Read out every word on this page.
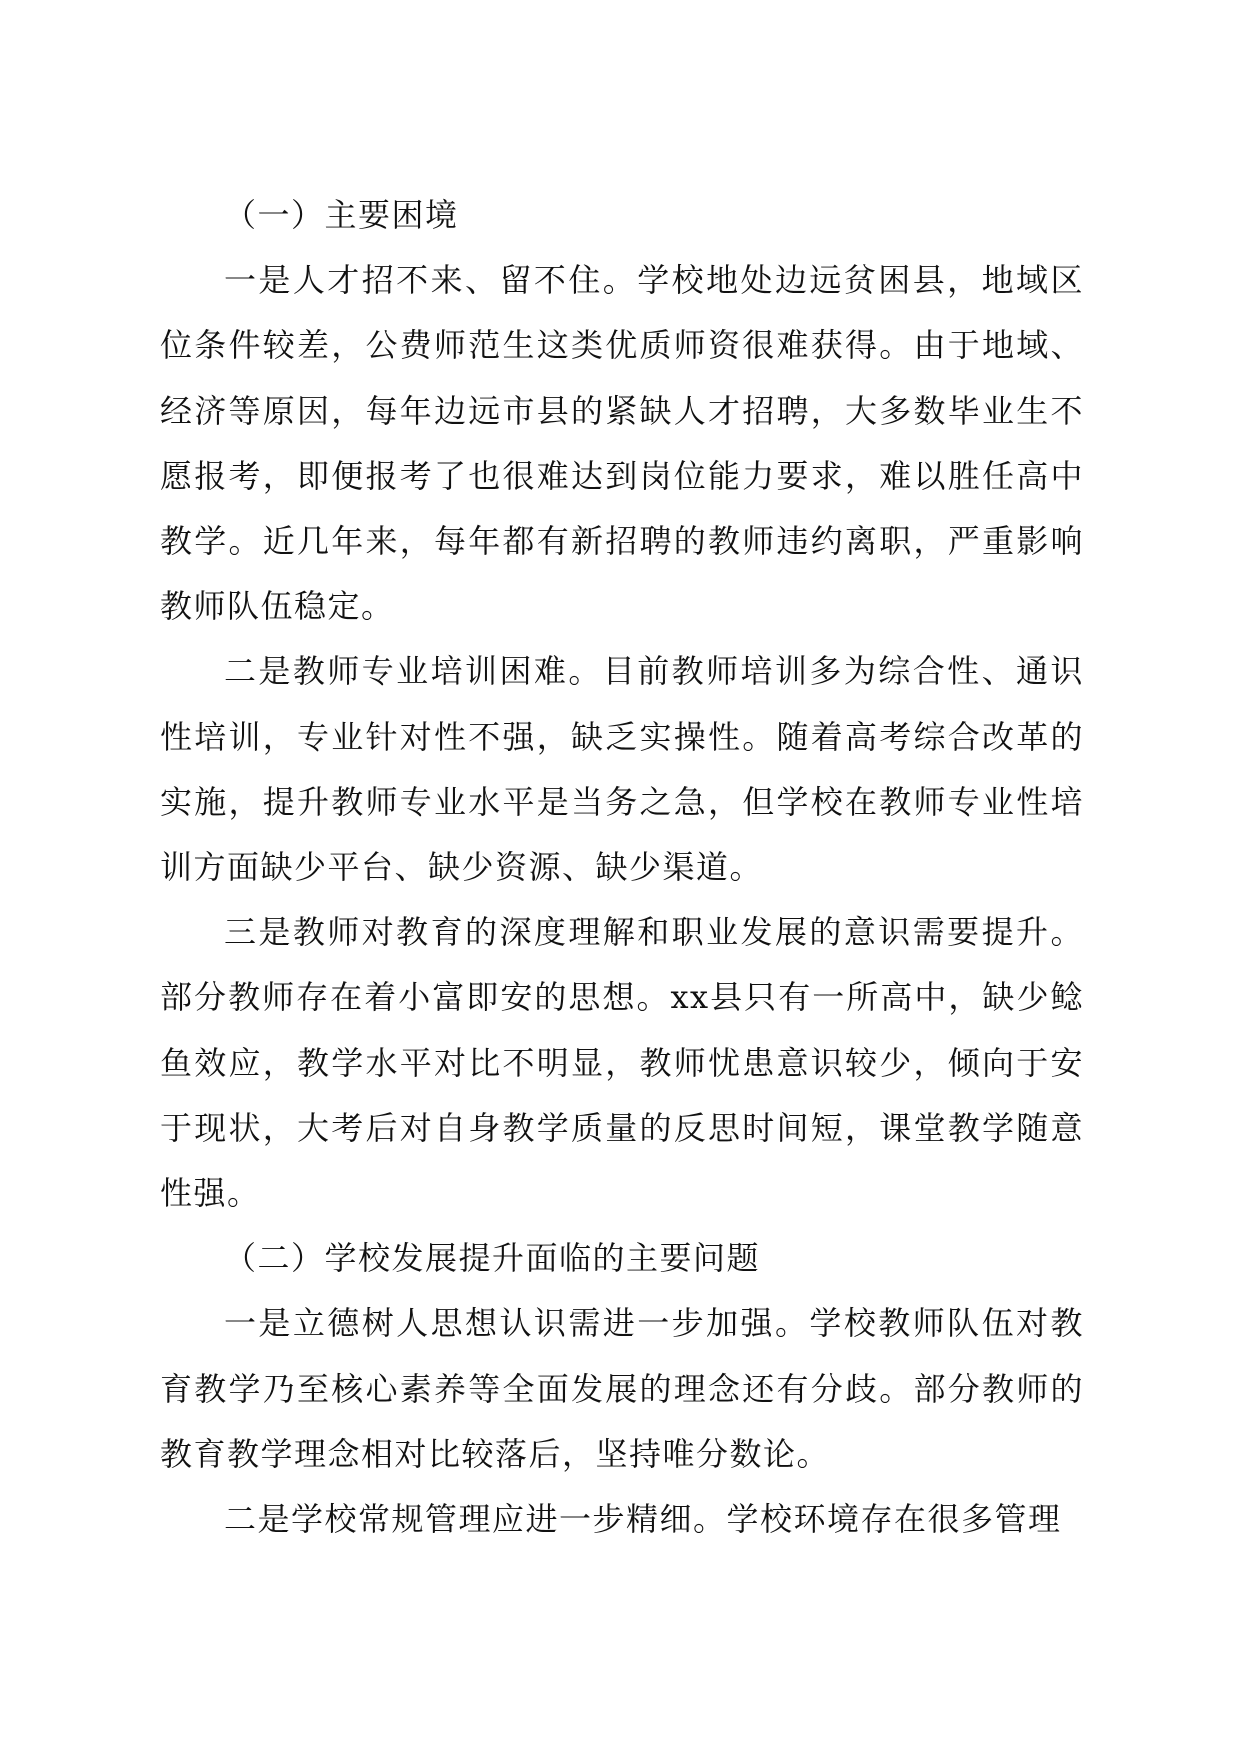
（一）主要困境

一是人才招不来、留不住。学校地处边远贫困县，地域区位条件较差，公费师范生这类优质师资很难获得。由于地域、经济等原因，每年边远市县的紧缺人才招聘，大多数毕业生不愿报考，即便报考了也很难达到岗位能力要求，难以胜任高中教学。近几年来，每年都有新招聘的教师违约离职，严重影响教师队伍稳定。

二是教师专业培训困难。目前教师培训多为综合性、通识性培训，专业针对性不强，缺乏实操性。随着高考综合改革的实施，提升教师专业水平是当务之急，但学校在教师专业性培训方面缺少平台、缺少资源、缺少渠道。

三是教师对教育的深度理解和职业发展的意识需要提升。部分教师存在着小富即安的思想。xx县只有一所高中，缺少鲶鱼效应，教学水平对比不明显，教师忧患意识较少，倾向于安于现状，大考后对自身教学质量的反思时间短，课堂教学随意性强。

（二）学校发展提升面临的主要问题

一是立德树人思想认识需进一步加强。学校教师队伍对教育教学乃至核心素养等全面发展的理念还有分歧。部分教师的教育教学理念相对比较落后，坚持唯分数论。

二是学校常规管理应进一步精细。学校环境存在很多管理
